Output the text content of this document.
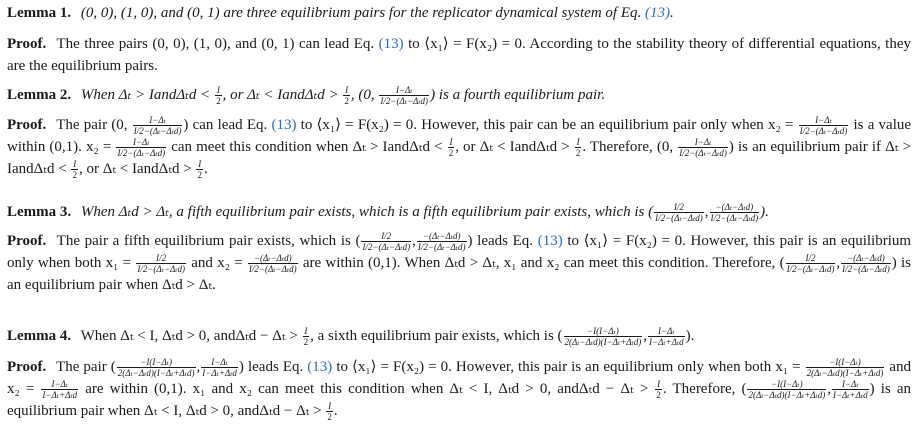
Lemma 1. (0, 0), (1, 0), and (0, 1) are three equilibrium pairs for the replicator dynamical system of Eq. (13).

Proof. The three pairs (0, 0), (1, 0), and (0, 1) can lead Eq. (13) to ⟨x₁⟩ = F(x₂) = 0. According to the stability theory of differential equations, they are the equilibrium pairs.

Lemma 2. When Δₜ > IandΔₜd < $\frac{I}{2}$ , or Δₜ < IandΔₜd > $\frac{I}{2}$ , (0, $\frac{\text{I−Δₜ}}{\text{I/2−(Δₜ−Δₜd)}}$ ) is a fourth equilibrium pair.

Proof. The pair (0, $\frac{\text{I−Δₜ}}{\text{I/2−(Δₜ−Δₜd)}}$ ) can lead Eq. (13) to ⟨x₁⟩ = F(x₂) = 0. However, this pair can be an equilibrium pair only when $x_2 = \frac{\text{I−Δₜ}}{\text{I/2−(Δₜ−Δₜd)}}$ is a value within (0,1). $x_2 = \frac{\text{I−Δₜ}}{\text{I/2−(Δₜ−Δₜd)}}$ can meet this condition when Δₜ > IandΔₜd < $\frac{I}{2}$ , or Δₜ < IandΔₜd > $\frac{I}{2}$ . Therefore, (0, $\frac{\text{I−Δₜ}}{\text{I/2−(Δₜ−Δₜd)}}$ ) is an equilibrium pair if Δₜ > IandΔₜd < $\frac{I}{2}$ , or Δₜ < IandΔₜd > $\frac{I}{2}$ .

Lemma 3. When Δₜd > Δₜ, a fifth equilibrium pair exists, which is a fifth equilibrium pair exists, which is ( $\frac{I/2}{\text{I/2−(Δₜ−Δₜd)}}$ , $\frac{\text{−(Δₜ−Δₜd)}}{\text{I/2−(Δₜ−Δₜd)}}$ ).

Proof. The pair a fifth equilibrium pair exists, which is ( $\frac{I/2}{\text{I/2−(Δₜ−Δₜd)}}$ , $\frac{\text{−(Δₜ−Δₜd)}}{\text{I/2−(Δₜ−Δₜd)}}$ ) leads Eq. (13) to ⟨x₁⟩ = F(x₂) = 0. However, this pair is an equilibrium only when both $x_1 = \frac{I/2}{\text{I/2−(Δₜ−Δₜd)}}$ and $x_2 = \frac{\text{−(Δₜ−Δₜd)}}{\text{I/2−(Δₜ−Δₜd)}}$ are within (0,1). When Δₜd > Δₜ, x₁ and x₂ can meet this condition. Therefore, ( $\frac{I/2}{\text{I/2−(Δₜ−Δₜd)}}$ , $\frac{\text{−(Δₜ−Δₜd)}}{\text{I/2−(Δₜ−Δₜd)}}$ ) is an equilibrium pair when Δₜd > Δₜ.

Lemma 4. When Δₜ < I, Δₜd > 0, $and\Delta_td - \Delta_t > \frac{I}{2}$ , a sixth equilibrium pair exists, which is ( $\frac{\text{−I(I−Δₜ)}}{\text{2(Δₜ−Δₜd)(I−Δₜ+Δₜd)}}$ , $\frac{\text{I−Δₜ}}{\text{I−Δₜ+Δₜd}}$ ).

Proof. The pair ( $\frac{\text{−I(I−Δₜ)}}{\text{2(Δₜ−Δₜd)(I−Δₜ+Δₜd)}}$ , $\frac{\text{I−Δₜ}}{\text{I−Δₜ+Δₜd}}$ ) leads Eq. (13) to ⟨x₁⟩ = F(x₂) = 0. However, this pair is an equilibrium only when both $x_1 = \frac{\text{−I(I−Δₜ)}}{\text{2(Δₜ−Δₜd)(I−Δₜ+Δₜd)}}$ and $x_2 = \frac{\text{I−Δₜ}}{\text{I−Δₜ+Δₜd}}$ are within (0,1). x₁ and x₂ can meet this condition when Δₜ < I, Δₜd > 0, $and\Delta_td - \Delta_t > \frac{I}{2}$ . Therefore, ( $\frac{\text{−I(I−Δₜ)}}{\text{2(Δₜ−Δₜd)(I−Δₜ+Δₜd)}}$ , $\frac{\text{I−Δₜ}}{\text{I−Δₜ+Δₜd}}$ ) is an equilibrium pair when Δₜ < I, Δₜd > 0, $and\Delta_td - \Delta_t > \frac{I}{2}$ .
